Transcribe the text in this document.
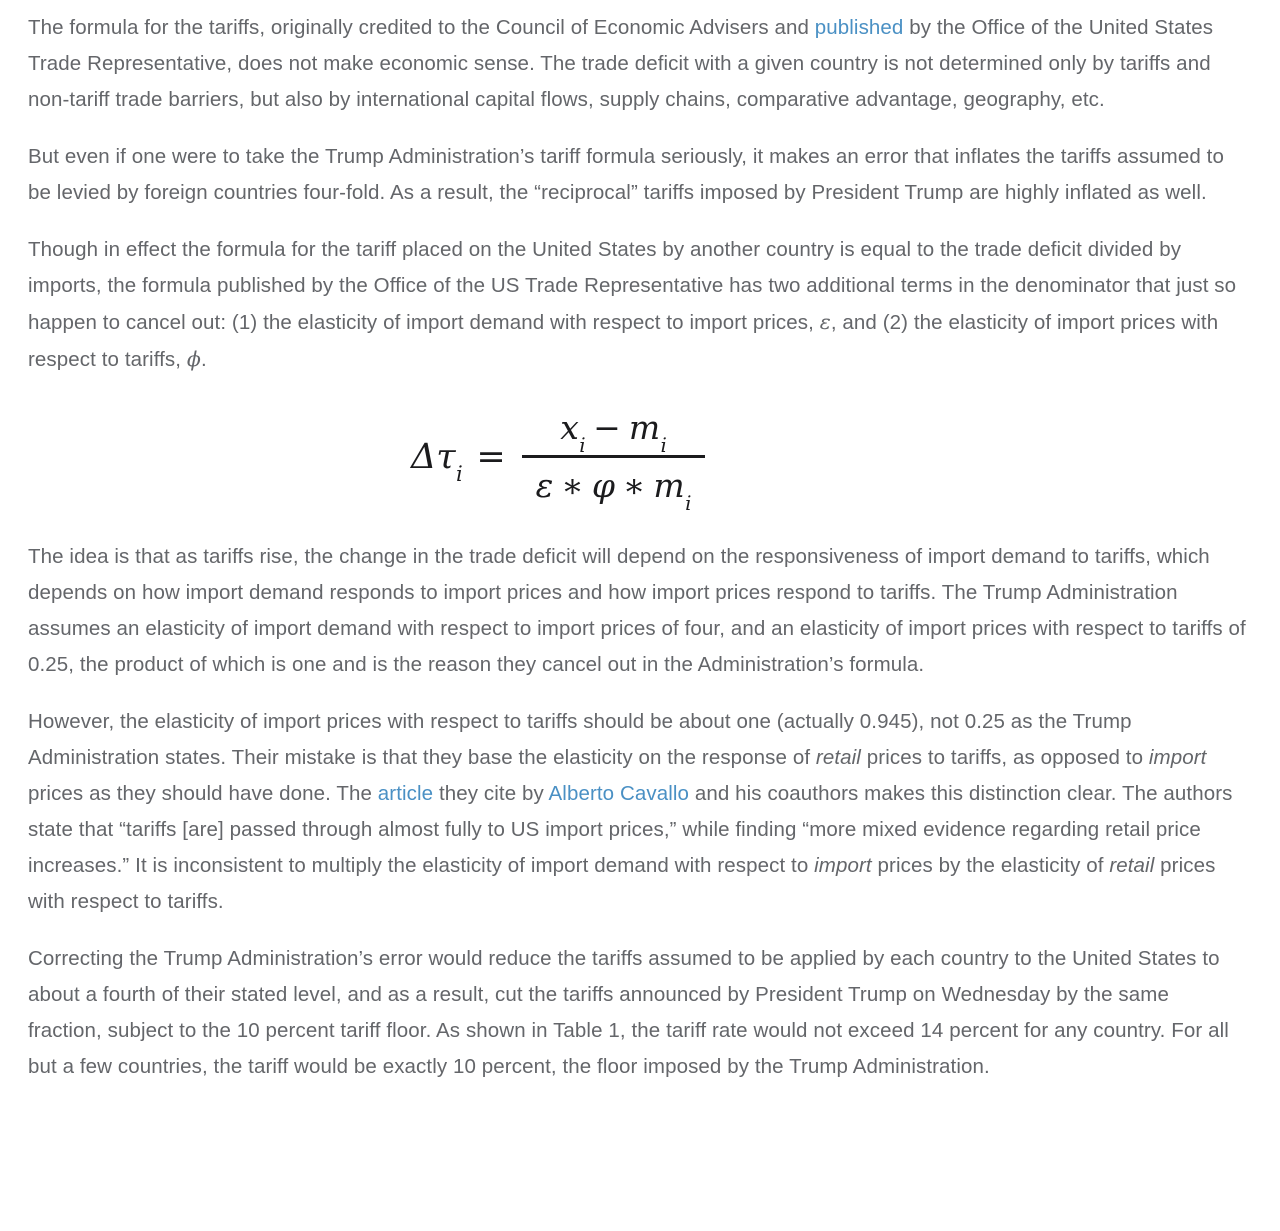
The formula for the tariffs, originally credited to the Council of Economic Advisers and published by the Office of the United States Trade Representative, does not make economic sense. The trade deficit with a given country is not determined only by tariffs and non-tariff trade barriers, but also by international capital flows, supply chains, comparative advantage, geography, etc.

But even if one were to take the Trump Administration’s tariff formula seriously, it makes an error that inflates the tariffs assumed to be levied by foreign countries four-fold. As a result, the “reciprocal” tariffs imposed by President Trump are highly inflated as well.

Though in effect the formula for the tariff placed on the United States by another country is equal to the trade deficit divided by imports, the formula published by the Office of the US Trade Representative has two additional terms in the denominator that just so happen to cancel out: (1) the elasticity of import demand with respect to import prices, ε, and (2) the elasticity of import prices with respect to tariffs, ϕ.

$\Delta\tau_i = \frac{x_i - m_i}{\varepsilon ∗ \varphi ∗ m_i}$

The idea is that as tariffs rise, the change in the trade deficit will depend on the responsiveness of import demand to tariffs, which depends on how import demand responds to import prices and how import prices respond to tariffs. The Trump Administration assumes an elasticity of import demand with respect to import prices of four, and an elasticity of import prices with respect to tariffs of 0.25, the product of which is one and is the reason they cancel out in the Administration’s formula.

However, the elasticity of import prices with respect to tariffs should be about one (actually 0.945), not 0.25 as the Trump Administration states. Their mistake is that they base the elasticity on the response of retail prices to tariffs, as opposed to import prices as they should have done. The article they cite by Alberto Cavallo and his coauthors makes this distinction clear. The authors state that “tariffs [are] passed through almost fully to US import prices,” while finding “more mixed evidence regarding retail price increases.” It is inconsistent to multiply the elasticity of import demand with respect to import prices by the elasticity of retail prices with respect to tariffs.

Correcting the Trump Administration’s error would reduce the tariffs assumed to be applied by each country to the United States to about a fourth of their stated level, and as a result, cut the tariffs announced by President Trump on Wednesday by the same fraction, subject to the 10 percent tariff floor. As shown in Table 1, the tariff rate would not exceed 14 percent for any country. For all but a few countries, the tariff would be exactly 10 percent, the floor imposed by the Trump Administration.
